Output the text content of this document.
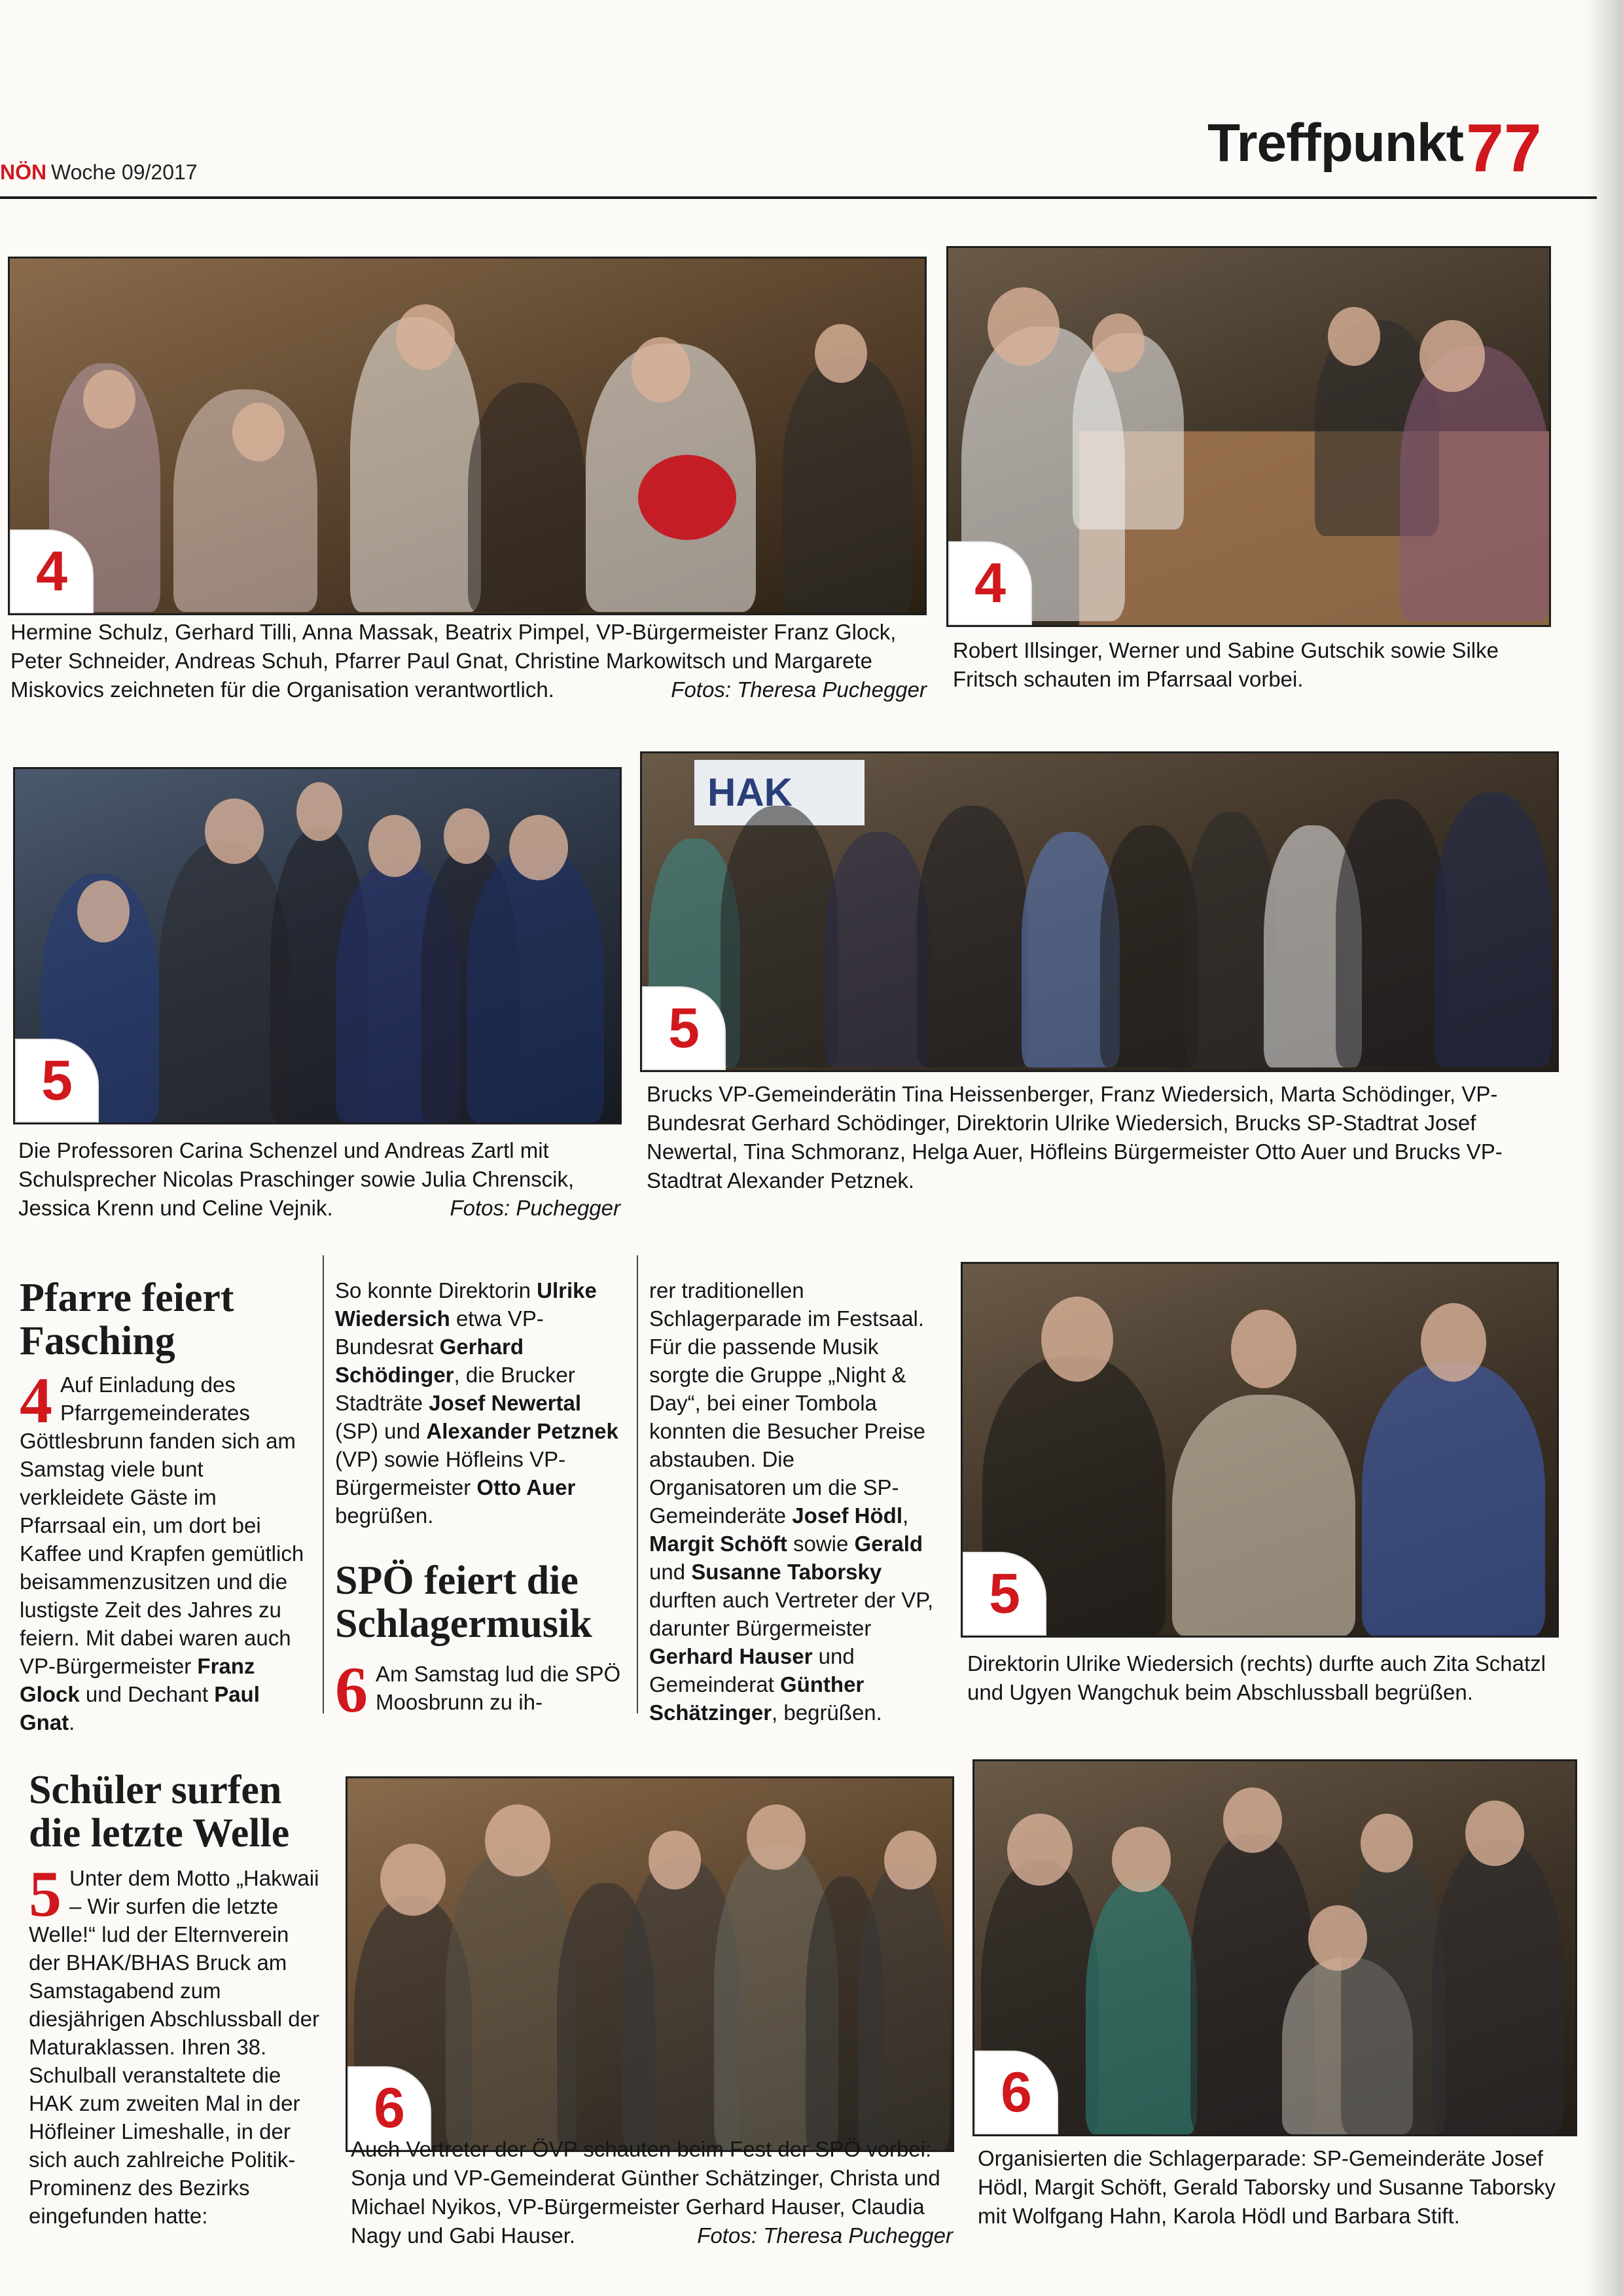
NÖN Woche 09/2017	Treffpunkt 77
4

Hermine Schulz, Gerhard Tilli, Anna Massak, Beatrix Pimpel, VP-Bürgermeister Franz Glock, Peter Schneider, Andreas Schuh, Pfarrer Paul Gnat, Christine Markowitsch und Margarete Miskovics zeichneten für die Organisation verantwortlich.	Fotos: Theresa Puchegger

4

Robert Illsinger, Werner und Sabine Gutschik sowie Silke Fritsch schauten im Pfarrsaal vorbei.

5

Die Professoren Carina Schenzel und Andreas Zartl mit Schulsprecher Nicolas Praschinger sowie Julia Chrenscik, Jessica Krenn und Celine Vejnik.	Fotos: Puchegger

HAK
5

Brucks VP-Gemeinderätin Tina Heissenberger, Franz Wiedersich, Marta Schödinger, VP-Bundesrat Gerhard Schödinger, Direktorin Ulrike Wiedersich, Brucks SP-Stadtrat Josef Newertal, Tina Schmoranz, Helga Auer, Höfleins Bürgermeister Otto Auer und Brucks VP-Stadtrat Alexander Petznek.

Pfarre feiert
Fasching
4 Auf Einladung des Pfarrgemeinderates Göttlesbrunn fanden sich am Samstag viele bunt verkleidete Gäste im Pfarrsaal ein, um dort bei Kaffee und Krapfen gemütlich beisammenzusitzen und die lustigste Zeit des Jahres zu feiern. Mit dabei waren auch VP-Bürgermeister Franz Glock und Dechant Paul Gnat.
So konnte Direktorin Ulrike Wiedersich etwa VP-Bundesrat Gerhard Schödinger, die Brucker Stadträte Josef Newertal (SP) und Alexander Petznek (VP) sowie Höfleins VP-Bürgermeister Otto Auer begrüßen.
SPÖ feiert die
Schlagermusik
6 Am Samstag lud die SPÖ Moosbrunn zu ih-
rer traditionellen Schlagerparade im Festsaal. Für die passende Musik sorgte die Gruppe „Night & Day“, bei einer Tombola konnten die Besucher Preise abstauben. Die Organisatoren um die SP-Gemeinderäte Josef Hödl, Margit Schöft sowie Gerald und Susanne Taborsky durften auch Vertreter der VP, darunter Bürgermeister Gerhard Hauser und Gemeinderat Günther Schätzinger, begrüßen.
5

Direktorin Ulrike Wiedersich (rechts) durfte auch Zita Schatzl und Ugyen Wangchuk beim Abschlussball begrüßen.

Schüler surfen
die letzte Welle
5 Unter dem Motto „Hakwaii – Wir surfen die letzte Welle!“ lud der Elternverein der BHAK/BHAS Bruck am Samstagabend zum diesjährigen Abschlussball der Maturaklassen. Ihren 38. Schulball veranstaltete die HAK zum zweiten Mal in der Höfleiner Limeshalle, in der sich auch zahlreiche Politik-Prominenz des Bezirks eingefunden hatte:
6

Auch Vertreter der ÖVP schauten beim Fest der SPÖ vorbei: Sonja und VP-Gemeinderat Günther Schätzinger, Christa und Michael Nyikos, VP-Bürgermeister Gerhard Hauser, Claudia Nagy und Gabi Hauser.	Fotos: Theresa Puchegger

6

Organisierten die Schlagerparade: SP-Gemeinderäte Josef Hödl, Margit Schöft, Gerald Taborsky und Susanne Taborsky mit Wolfgang Hahn, Karola Hödl und Barbara Stift.
